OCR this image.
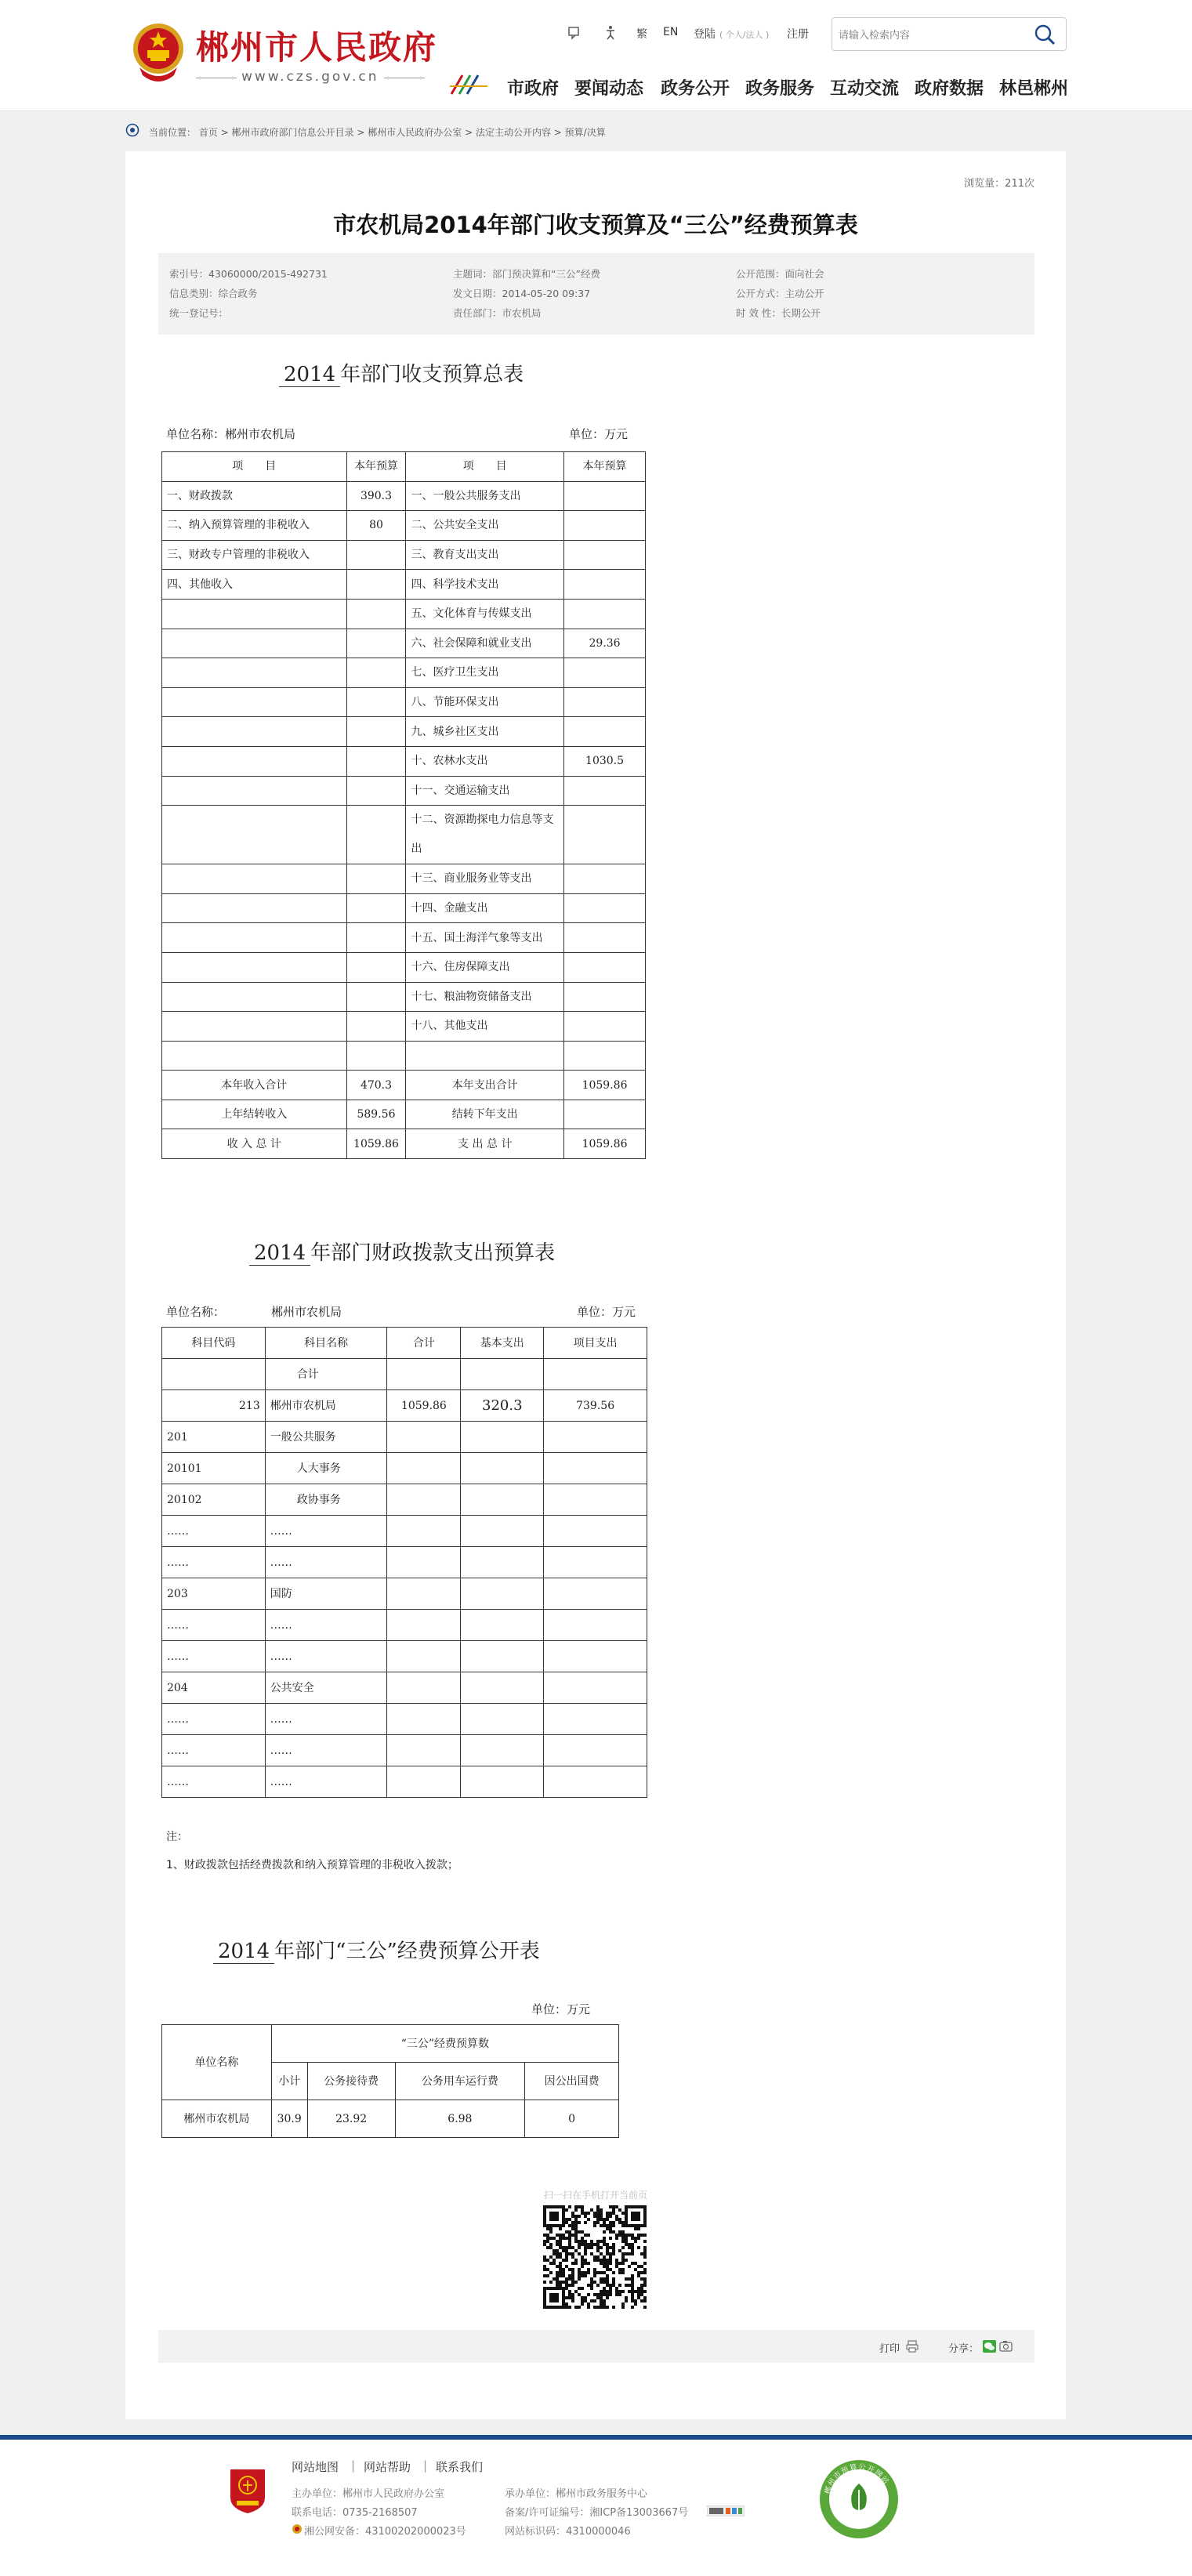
郴州市人民政府
www.czs.gov.cn
繁 EN 登陆 ( 个人/法人 ) 注册
请输入检索内容
市政府 要闻动态 政务公开 政务服务 互动交流 政府数据 林邑郴州
当前位置： 首页 > 郴州市政府部门信息公开目录 > 郴州市人民政府办公室 > 法定主动公开内容 > 预算/决算
浏览量：211次
市农机局2014年部门收支预算及“三公”经费预算表
索引号：43060000/2015-492731
信息类别：综合政务
统一登记号：
主题词：部门预决算和“三公”经费
发文日期：2014-05-20 09:37
责任部门：市农机局
公开范围：面向社会
公开方式：主动公开
时 效 性：长期公开
2014 年部门收支预算总表
单位名称：郴州市农机局	单位：万元
项　　目	本年预算	项　　目	本年预算
一、财政拨款	390.3	一、一般公共服务支出	
二、纳入预算管理的非税收入	80	二、公共安全支出	
三、财政专户管理的非税收入		三、教育支出支出	
四、其他收入		四、科学技术支出	
		五、文化体育与传媒支出	
		六、社会保障和就业支出	29.36
		七、医疗卫生支出	
		八、节能环保支出	
		九、城乡社区支出	
		十、农林水支出	1030.5
		十一、交通运输支出	
		十二、资源勘探电力信息等支出	
		十三、商业服务业等支出	
		十四、金融支出	
		十五、国土海洋气象等支出	
		十六、住房保障支出	
		十七、粮油物资储备支出	
		十八、其他支出	

本年收入合计	470.3	本年支出合计	1059.86
上年结转收入	589.56	结转下年支出	
收 入 总 计	1059.86	支 出 总 计	1059.86
2014 年部门财政拨款支出预算表
单位名称：	郴州市农机局	单位：万元
科目代码	科目名称	合计	基本支出	项目支出
	合计			
213	郴州市农机局	1059.86	320.3	739.56
201	一般公共服务			
20101	人大事务			
20102	政协事务			
……	……			
……	……			
203	国防			
……	……			
……	……			
204	公共安全			
……	……			
……	……			
……	……			
注：
1、财政拨款包括经费拨款和纳入预算管理的非税收入拨款；
2014 年部门“三公”经费预算公开表
单位：万元
单位名称	“三公”经费预算数			
	小计	公务接待费	公务用车运行费	因公出国费
郴州市农机局	30.9	23.92	6.98	0
扫一扫在手机打开当前页
打印	分享：
网站地图 | 网站帮助 | 联系我们
主办单位：郴州市人民政府办公室
联系电话：0735-2168507
湘公网安备：43100202000023号
承办单位：郴州市政务服务中心
备案/许可证编号：湘ICP备13003667号
网站标识码：4310000046
郴州市预算公开网站
